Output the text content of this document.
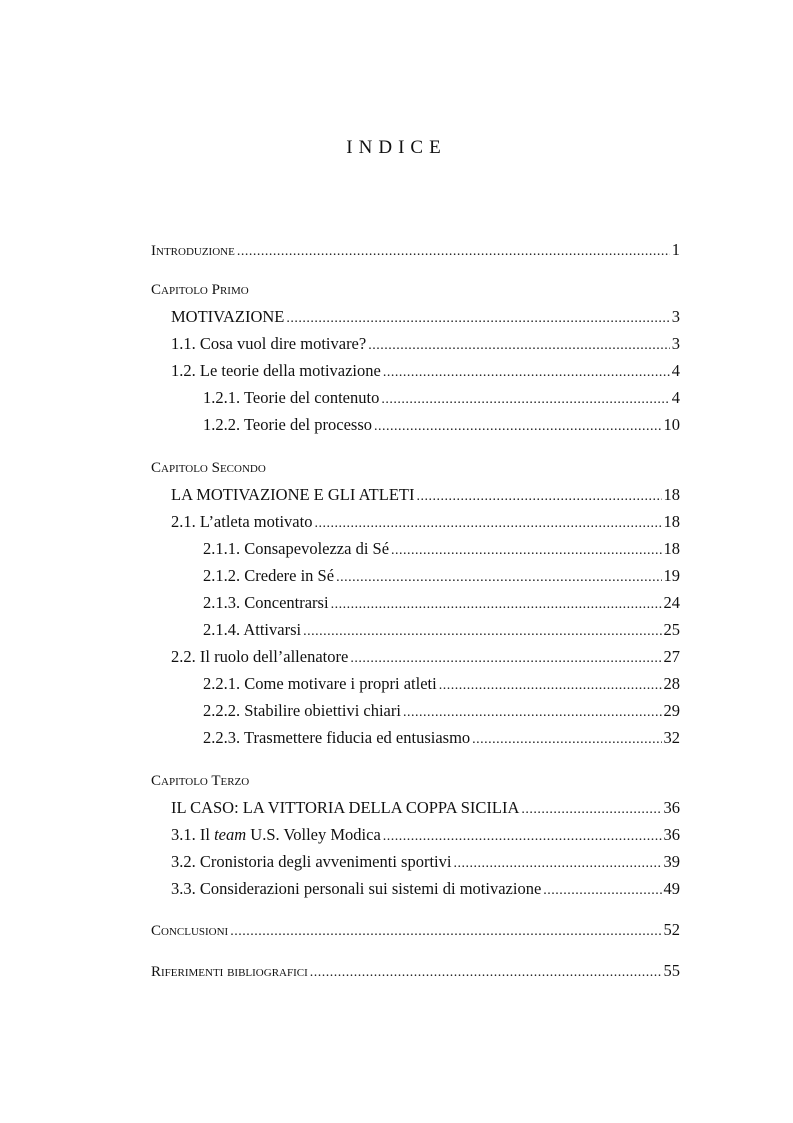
INDICE
Introduzione .....	1
Capitolo Primo
MOTIVAZIONE .....	3
1.1. Cosa vuol dire motivare? .....	3
1.2. Le teorie della motivazione .....	4
1.2.1. Teorie del contenuto .....	4
1.2.2. Teorie del processo .....	10
Capitolo Secondo
LA MOTIVAZIONE E GLI ATLETI .....	18
2.1. L’atleta motivato .....	18
2.1.1. Consapevolezza di Sé .....	18
2.1.2. Credere in Sé .....	19
2.1.3. Concentrarsi .....	24
2.1.4. Attivarsi .....	25
2.2. Il ruolo dell’allenatore .....	27
2.2.1. Come motivare i propri atleti .....	28
2.2.2. Stabilire obiettivi chiari .....	29
2.2.3. Trasmettere fiducia ed entusiasmo .....	32
Capitolo Terzo
IL CASO: LA VITTORIA DELLA COPPA SICILIA .....	36
3.1. Il team U.S. Volley Modica .....	36
3.2. Cronistoria degli avvenimenti sportivi .....	39
3.3. Considerazioni personali sui sistemi di motivazione .....	49
Conclusioni .....	52
Riferimenti bibliografici .....	55
